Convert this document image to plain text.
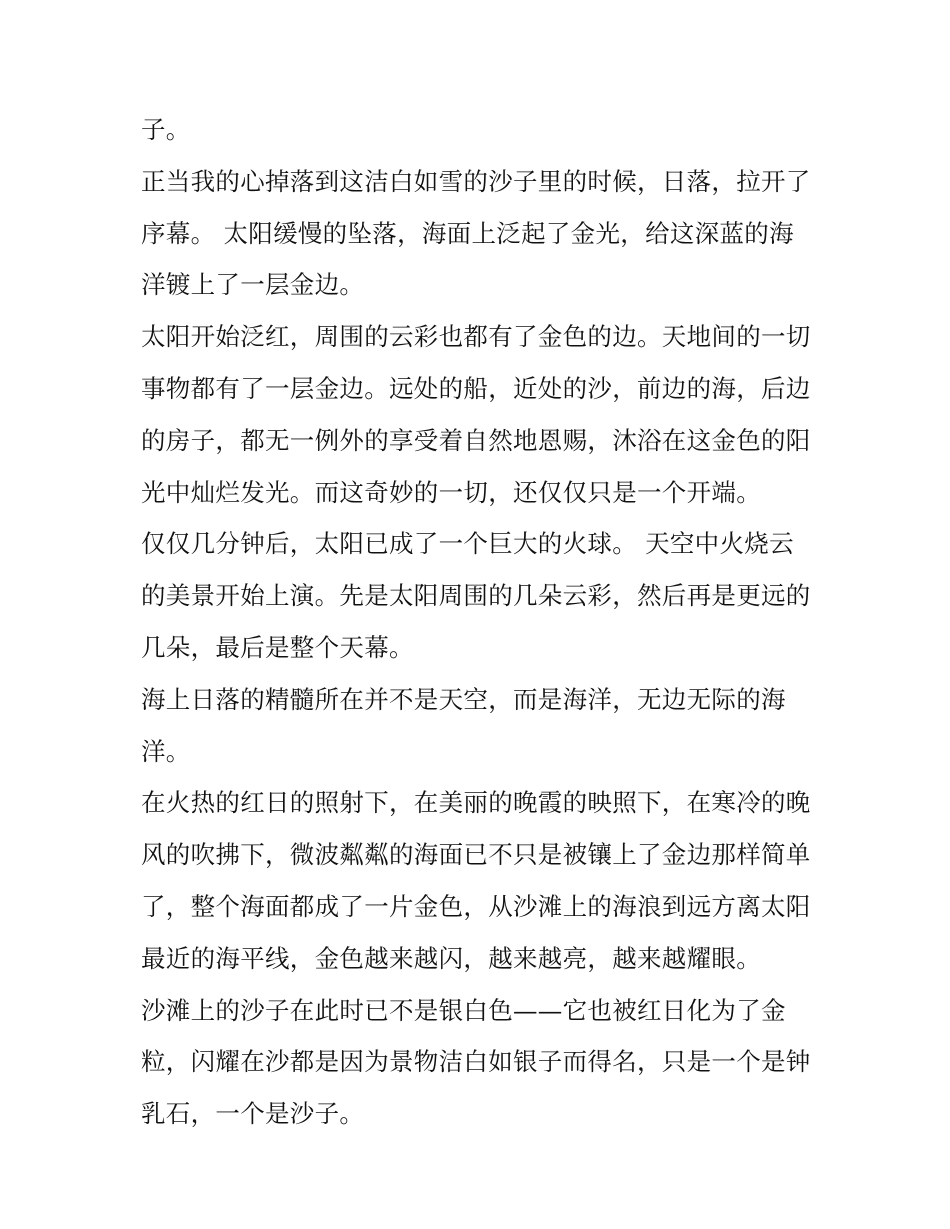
子。
正当我的心掉落到这洁白如雪的沙子里的时候，日落，拉开了
序幕。 太阳缓慢的坠落，海面上泛起了金光，给这深蓝的海
洋镀上了一层金边。
太阳开始泛红，周围的云彩也都有了金色的边。天地间的一切
事物都有了一层金边。远处的船，近处的沙，前边的海，后边
的房子，都无一例外的享受着自然地恩赐，沐浴在这金色的阳
光中灿烂发光。而这奇妙的一切，还仅仅只是一个开端。
仅仅几分钟后，太阳已成了一个巨大的火球。 天空中火烧云
的美景开始上演。先是太阳周围的几朵云彩，然后再是更远的
几朵，最后是整个天幕。
海上日落的精髓所在并不是天空，而是海洋，无边无际的海
洋。
在火热的红日的照射下，在美丽的晚霞的映照下，在寒冷的晚
风的吹拂下，微波粼粼的海面已不只是被镶上了金边那样简单
了，整个海面都成了一片金色，从沙滩上的海浪到远方离太阳
最近的海平线，金色越来越闪，越来越亮，越来越耀眼。
沙滩上的沙子在此时已不是银白色——它也被红日化为了金
粒，闪耀在沙都是因为景物洁白如银子而得名，只是一个是钟
乳石，一个是沙子。
